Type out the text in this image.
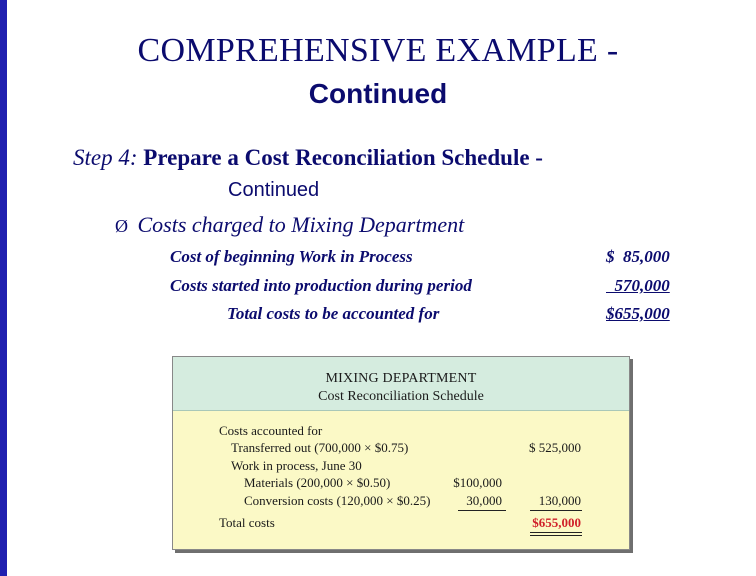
COMPREHENSIVE EXAMPLE -
Continued
Step 4: Prepare a Cost Reconciliation Schedule -
Continued
Ø Costs charged to Mixing Department
Cost of beginning Work in Process
Costs started into production during period
Total costs to be accounted for
$  85,000
570,000
$655,000
MIXING DEPARTMENT
Cost Reconciliation Schedule
Costs accounted for
Transferred out (700,000 × $0.75)
Work in process, June 30
Materials (200,000 × $0.50)
Conversion costs (120,000 × $0.25)
Total costs
$ 525,000
$100,000
30,000	130,000
$655,000
